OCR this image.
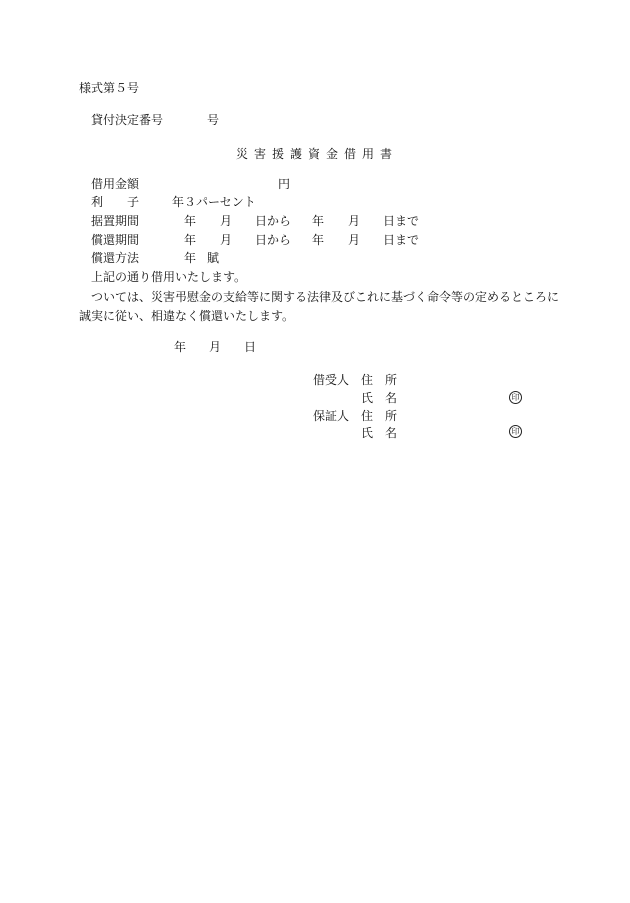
様式第５号
貸付決定番号	号
災害援護資金借用書
借用金額	円
利 子	年３パーセント
据置期間	年 月 日から 年 月 日まで
償還期間	年 月 日から 年 月 日まで
償還方法	年 賦
上記の通り借用いたします。
ついては、災害弔慰金の支給等に関する法律及びこれに基づく命令等の定めるところに
誠実に従い、相違なく償還いたします。
年 月 日
借受人 住　所
氏　名	印
保証人 住　所
氏　名	印
